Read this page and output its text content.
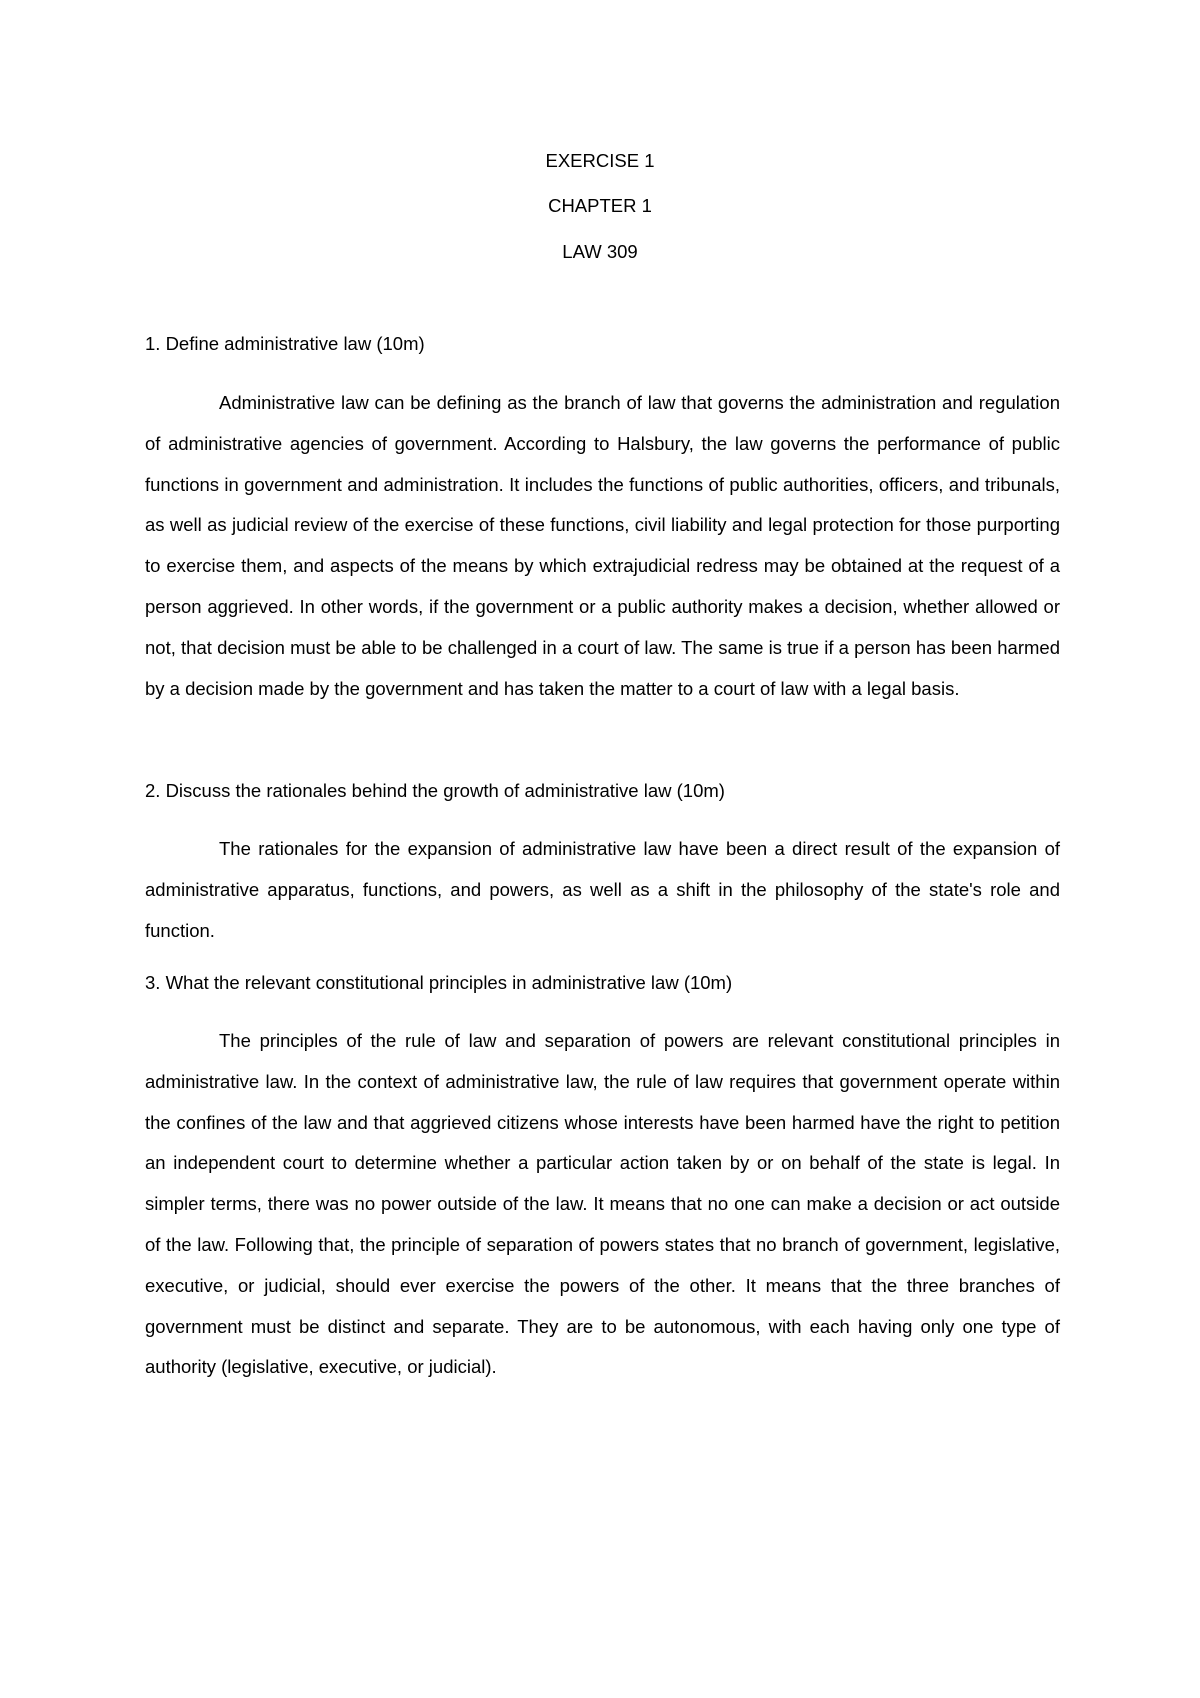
EXERCISE 1

CHAPTER 1

LAW 309

1. Define administrative law (10m)

Administrative law can be defining as the branch of law that governs the administration and regulation of administrative agencies of government. According to Halsbury, the law governs the performance of public functions in government and administration. It includes the functions of public authorities, officers, and tribunals, as well as judicial review of the exercise of these functions, civil liability and legal protection for those purporting to exercise them, and aspects of the means by which extrajudicial redress may be obtained at the request of a person aggrieved. In other words, if the government or a public authority makes a decision, whether allowed or not, that decision must be able to be challenged in a court of law. The same is true if a person has been harmed by a decision made by the government and has taken the matter to a court of law with a legal basis.

2. Discuss the rationales behind the growth of administrative law (10m)

The rationales for the expansion of administrative law have been a direct result of the expansion of administrative apparatus, functions, and powers, as well as a shift in the philosophy of the state's role and function.

3. What the relevant constitutional principles in administrative law (10m)

The principles of the rule of law and separation of powers are relevant constitutional principles in administrative law. In the context of administrative law, the rule of law requires that government operate within the confines of the law and that aggrieved citizens whose interests have been harmed have the right to petition an independent court to determine whether a particular action taken by or on behalf of the state is legal. In simpler terms, there was no power outside of the law. It means that no one can make a decision or act outside of the law. Following that, the principle of separation of powers states that no branch of government, legislative, executive, or judicial, should ever exercise the powers of the other. It means that the three branches of government must be distinct and separate. They are to be autonomous, with each having only one type of authority (legislative, executive, or judicial).
